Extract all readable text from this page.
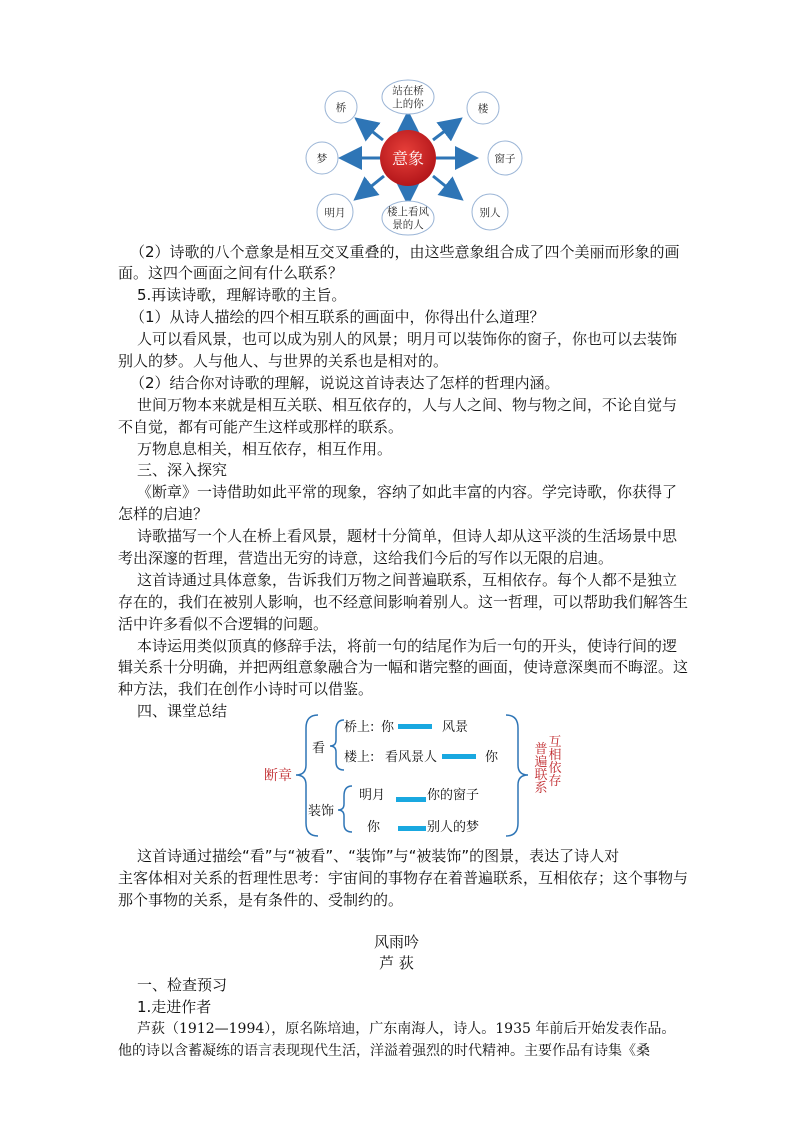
意象
站在桥
上的你
桥	楼
梦	窗子
明月	楼上看风
景的人
别人
（2）诗歌的八个意象是相互交叉重叠的，由这些意象组合成了四个美丽而形象的画
面。这四个画面之间有什么联系？
5.再读诗歌，理解诗歌的主旨。
（1）从诗人描绘的四个相互联系的画面中，你得出什么道理？
人可以看风景，也可以成为别人的风景；明月可以装饰你的窗子，你也可以去装饰
别人的梦。人与他人、与世界的关系也是相对的。
（2）结合你对诗歌的理解，说说这首诗表达了怎样的哲理内涵。
世间万物本来就是相互关联、相互依存的，人与人之间、物与物之间，不论自觉与
不自觉，都有可能产生这样或那样的联系。
万物息息相关，相互依存，相互作用。
三、深入探究
《断章》一诗借助如此平常的现象，容纳了如此丰富的内容。学完诗歌，你获得了
怎样的启迪？
诗歌描写一个人在桥上看风景，题材十分简单，但诗人却从这平淡的生活场景中思
考出深邃的哲理，营造出无穷的诗意，这给我们今后的写作以无限的启迪。
这首诗通过具体意象，告诉我们万物之间普遍联系，互相依存。每个人都不是独立
存在的，我们在被别人影响，也不经意间影响着别人。这一哲理，可以帮助我们解答生
活中许多看似不合逻辑的问题。
本诗运用类似顶真的修辞手法，将前一句的结尾作为后一句的开头，使诗行间的逻
辑关系十分明确，并把两组意象融合为一幅和谐完整的画面，使诗意深奥而不晦涩。这
种方法，我们在创作小诗时可以借鉴。
四、课堂总结
断章
看
桥上: 你	风景
楼上: 看风景人	你
装饰
明月	你的窗子
你	别人的梦
普
遍
联
系
互
相
依
存
这首诗通过描绘“看”与“被看”、“装饰”与“被装饰”的图景，表达了诗人对
主客体相对关系的哲理性思考：宇宙间的事物存在着普遍联系，互相依存；这个事物与
那个事物的关系，是有条件的、受制约的。
风雨吟
芦 荻
一、检查预习
1.走进作者
芦荻（1912—1994），原名陈培迪，广东南海人，诗人。1935 年前后开始发表作品。
他的诗以含蓄凝练的语言表现现代生活，洋溢着强烈的时代精神。主要作品有诗集《桑
